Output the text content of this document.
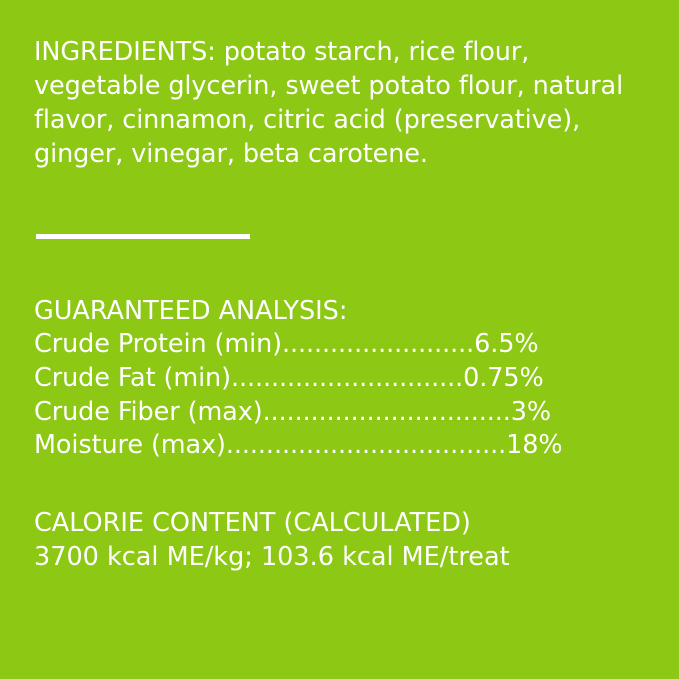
INGREDIENTS: potato starch, rice flour, vegetable glycerin, sweet potato flour, natural flavor, cinnamon, citric acid (preservative), ginger, vinegar, beta carotene.
GUARANTEED ANALYSIS:
Crude Protein (min)........................6.5%
Crude Fat (min).............................0.75%
Crude Fiber (max)...............................3%
Moisture (max)...................................18%
CALORIE CONTENT (CALCULATED)
3700 kcal ME/kg; 103.6 kcal ME/treat
